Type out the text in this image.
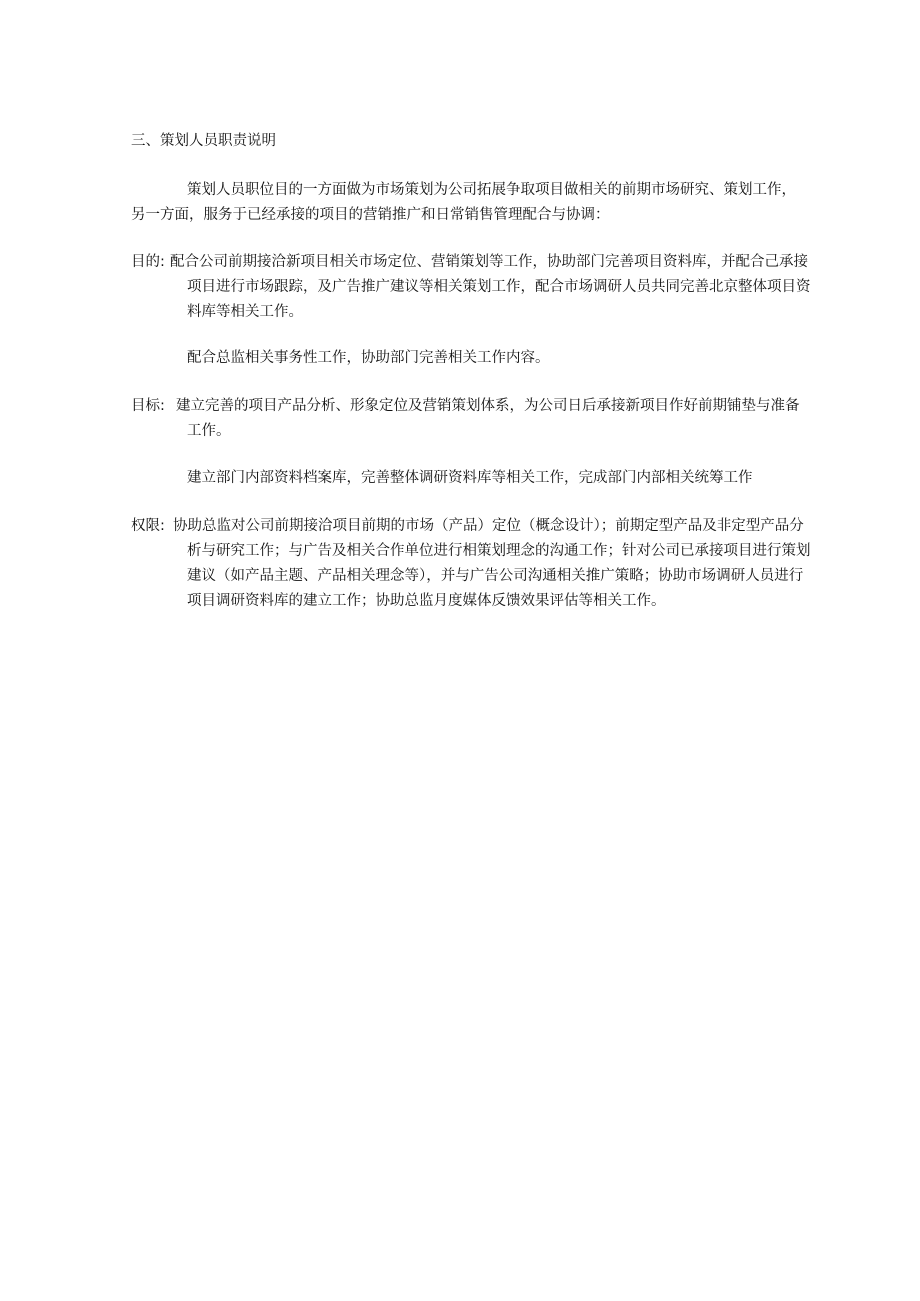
三、策划人员职责说明
策划人员职位目的一方面做为市场策划为公司拓展争取项目做相关的前期市场研究、策划工作，
另一方面，服务于已经承接的项目的营销推广和日常销售管理配合与协调：
目的: 配合公司前期接洽新项目相关市场定位、营销策划等工作，协助部门完善项目资料库，并配合己承接
项目进行市场跟踪，及广告推广建议等相关策划工作，配合市场调研人员共同完善北京整体项目资
料库等相关工作。
配合总监相关事务性工作，协助部门完善相关工作内容。
目标: 建立完善的项目产品分析、形象定位及营销策划体系，为公司日后承接新项目作好前期铺垫与准备
工作。
建立部门内部资料档案库，完善整体调研资料库等相关工作，完成部门内部相关统筹工作
权限: 协助总监对公司前期接洽项目前期的市场（产品）定位（概念设计）；前期定型产品及非定型产品分
析与研究工作；与广告及相关合作单位进行相策划理念的沟通工作；针对公司已承接项目进行策划
建议（如产品主题、产品相关理念等），并与广告公司沟通相关推广策略；协助市场调研人员进行
项目调研资料库的建立工作；协助总监月度媒体反馈效果评估等相关工作。
